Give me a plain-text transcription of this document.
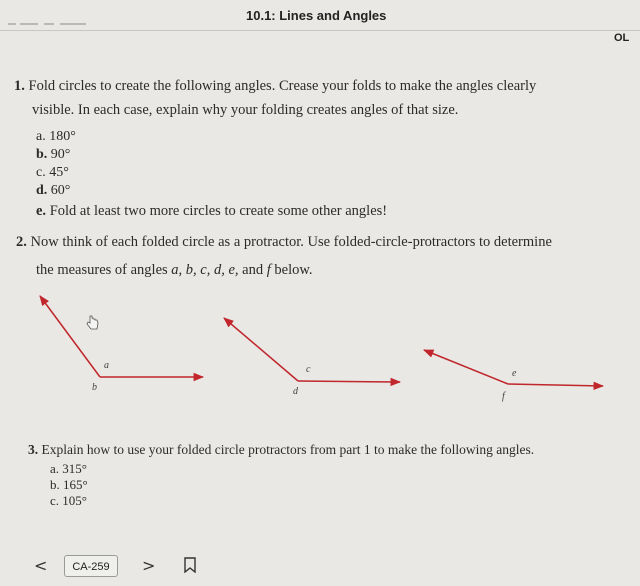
10.1: Lines and Angles
OL
1. Fold circles to create the following angles. Crease your folds to make the angles clearly
visible. In each case, explain why your folding creates angles of that size.
a. 180°
b. 90°
c. 45°
d. 60°
e. Fold at least two more circles to create some other angles!
2. Now think of each folded circle as a protractor. Use folded-circle-protractors to determine
the measures of angles a, b, c, d, e, and f below.
a
b
c
d
e
f
3. Explain how to use your folded circle protractors from part 1 to make the following angles.
a. 315°
b. 165°
c. 105°
<	CA-259	>
